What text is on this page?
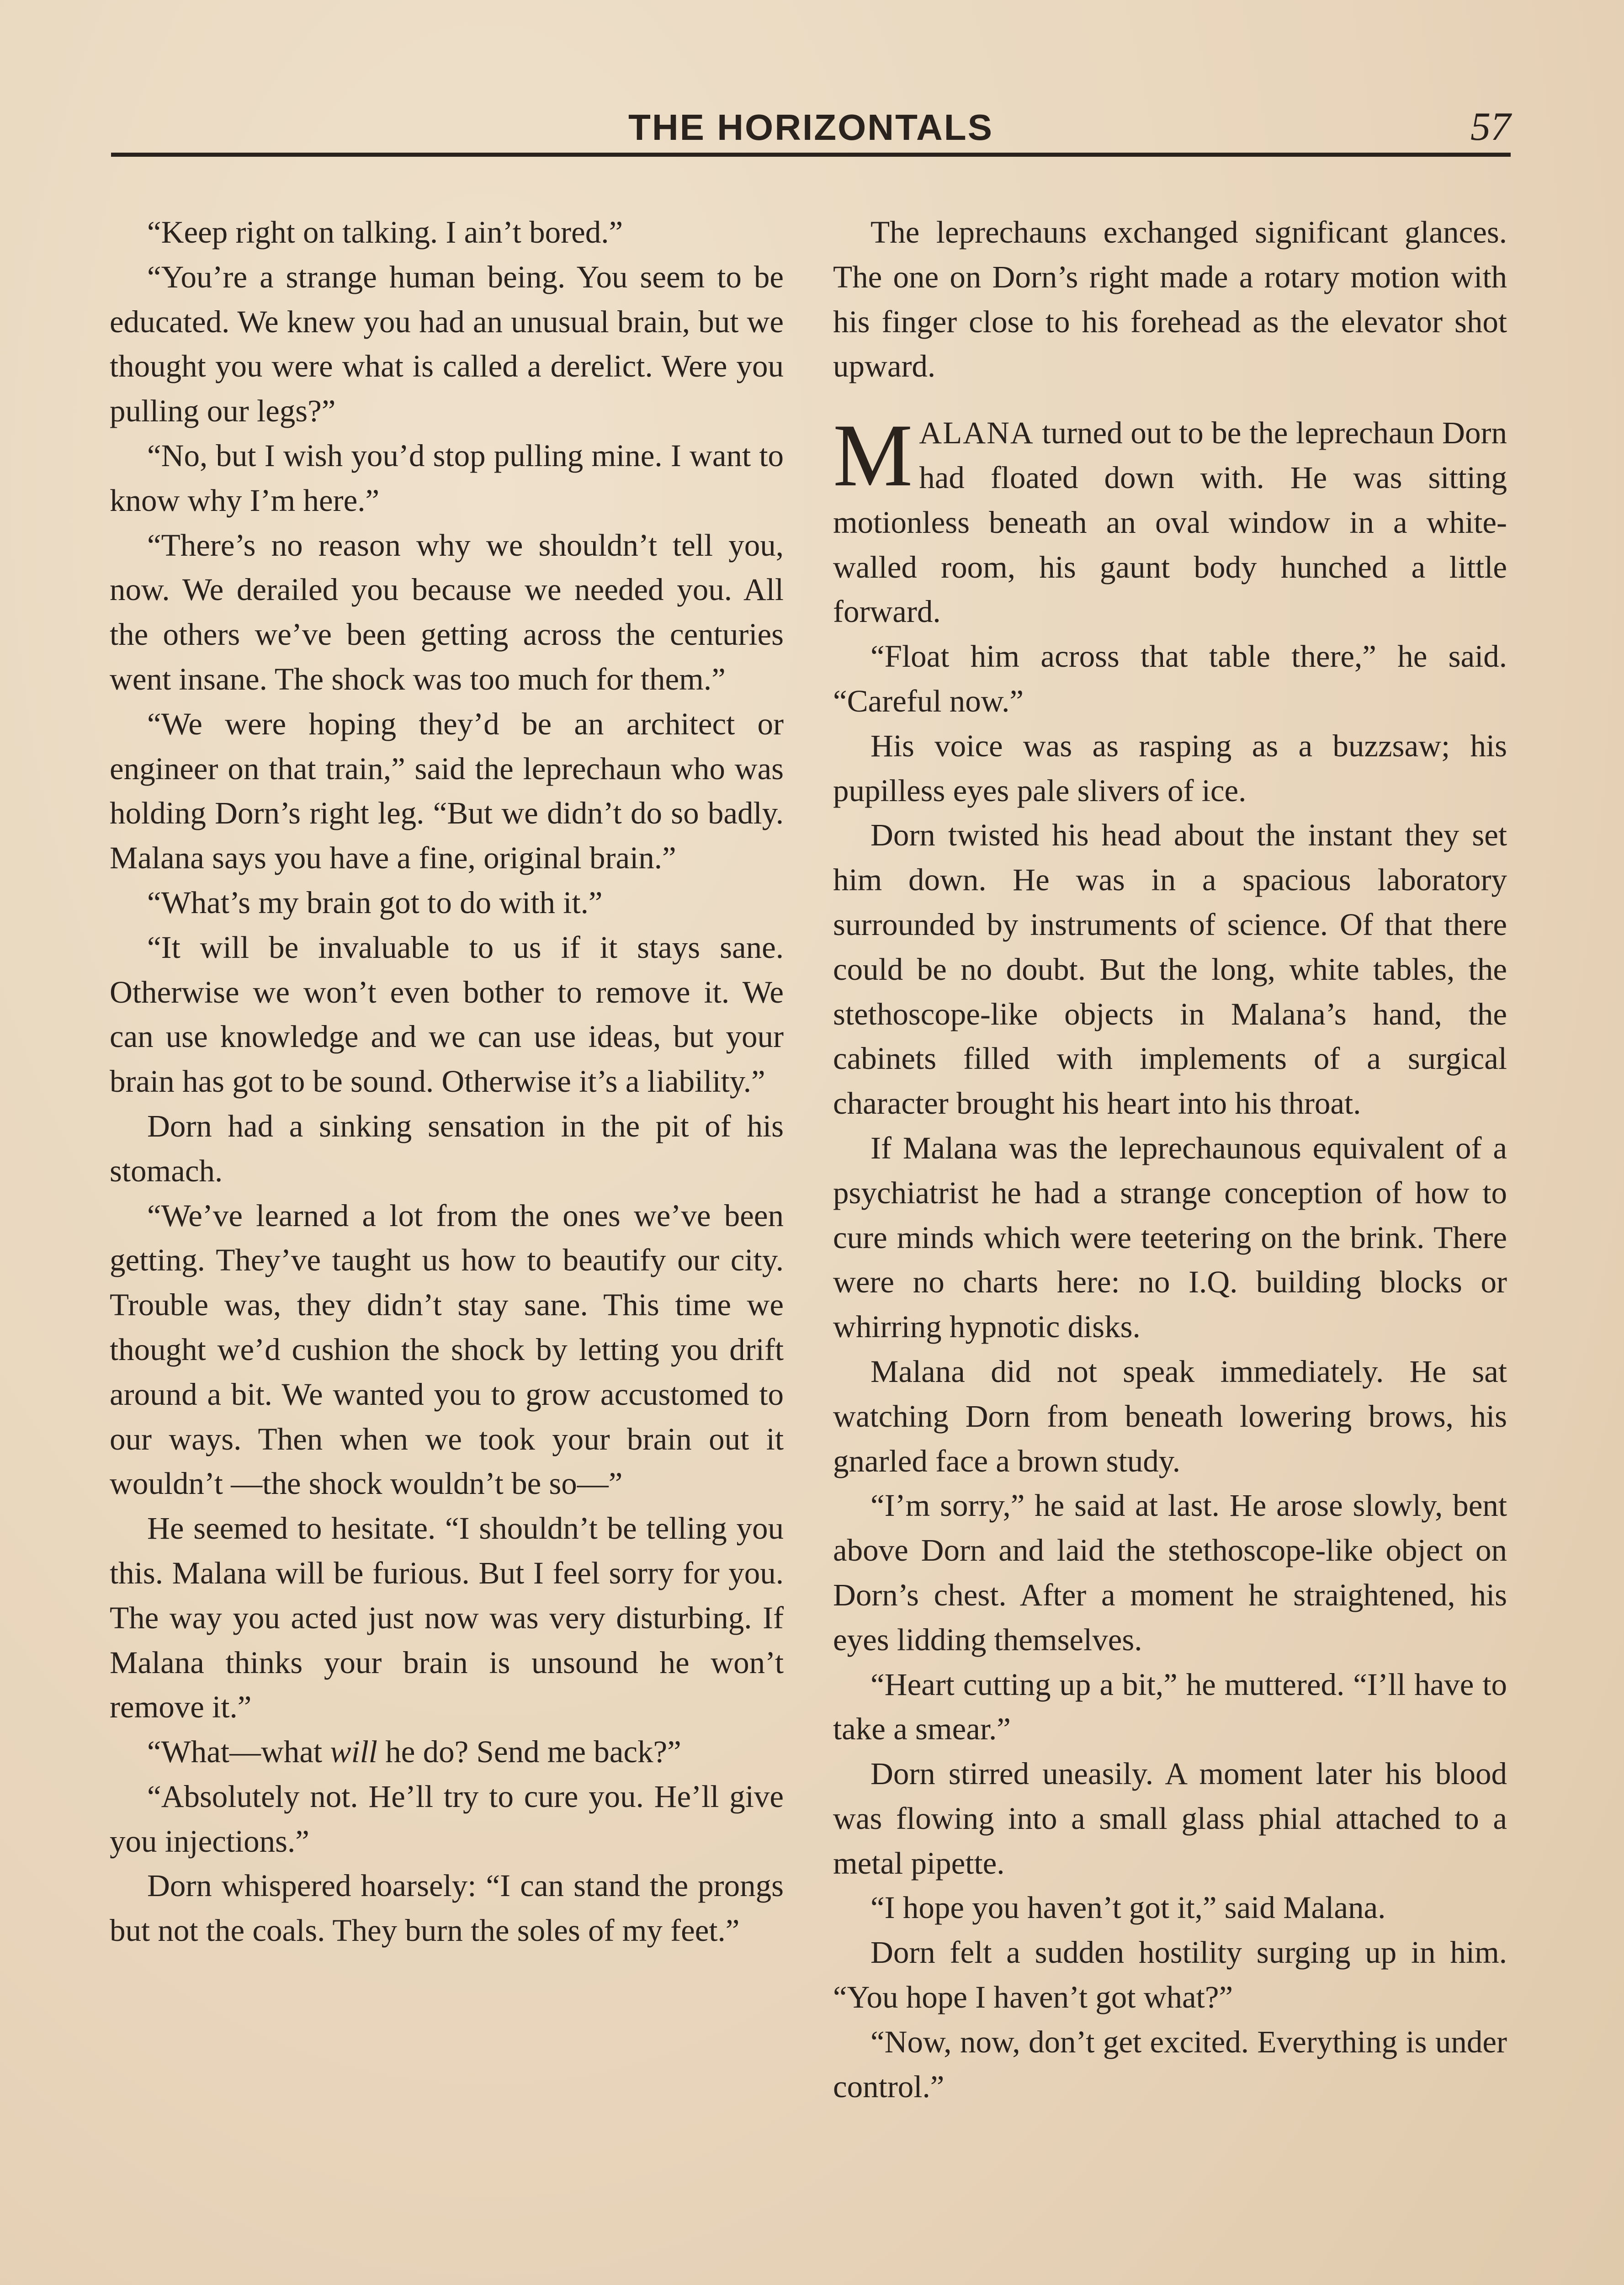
THE HORIZONTALS	57

“Keep right on talking. I ain’t bored.”

“You’re a strange human being. You seem to be educated. We knew you had an unusual brain, but we thought you were what is called a derelict. Were you pulling our legs?”

“No, but I wish you’d stop pulling mine. I want to know why I’m here.”

“There’s no reason why we shouldn’t tell you, now. We derailed you because we needed you. All the others we’ve been getting across the centuries went insane. The shock was too much for them.”

“We were hoping they’d be an architect or engineer on that train,” said the leprechaun who was holding Dorn’s right leg. “But we didn’t do so badly. Malana says you have a fine, original brain.”

“What’s my brain got to do with it.”

“It will be invaluable to us if it stays sane. Otherwise we won’t even bother to remove it. We can use knowledge and we can use ideas, but your brain has got to be sound. Otherwise it’s a liability.”

Dorn had a sinking sensation in the pit of his stomach.

“We’ve learned a lot from the ones we’ve been getting. They’ve taught us how to beautify our city. Trouble was, they didn’t stay sane. This time we thought we’d cushion the shock by letting you drift around a bit. We wanted you to grow accustomed to our ways. Then when we took your brain out it wouldn’t —the shock wouldn’t be so—”

He seemed to hesitate. “I shouldn’t be telling you this. Malana will be furious. But I feel sorry for you. The way you acted just now was very disturbing. If Malana thinks your brain is unsound he won’t remove it.”

“What—what will he do? Send me back?”

“Absolutely not. He’ll try to cure you. He’ll give you injections.”

Dorn whispered hoarsely: “I can stand the prongs but not the coals. They burn the soles of my feet.”

The leprechauns exchanged significant glances. The one on Dorn’s right made a rotary motion with his finger close to his forehead as the elevator shot upward.

MALANA turned out to be the leprechaun Dorn had floated down with. He was sitting motionless beneath an oval window in a white-walled room, his gaunt body hunched a little forward.

“Float him across that table there,” he said. “Careful now.”

His voice was as rasping as a buzzsaw; his pupilless eyes pale slivers of ice.

Dorn twisted his head about the instant they set him down. He was in a spacious laboratory surrounded by instruments of science. Of that there could be no doubt. But the long, white tables, the stethoscope-like objects in Malana’s hand, the cabinets filled with implements of a surgical character brought his heart into his throat.

If Malana was the leprechaunous equivalent of a psychiatrist he had a strange conception of how to cure minds which were teetering on the brink. There were no charts here: no I.Q. building blocks or whirring hypnotic disks.

Malana did not speak immediately. He sat watching Dorn from beneath lowering brows, his gnarled face a brown study.

“I’m sorry,” he said at last. He arose slowly, bent above Dorn and laid the stethoscope-like object on Dorn’s chest. After a moment he straightened, his eyes lidding themselves.

“Heart cutting up a bit,” he muttered. “I’ll have to take a smear.”

Dorn stirred uneasily. A moment later his blood was flowing into a small glass phial attached to a metal pipette.

“I hope you haven’t got it,” said Malana.

Dorn felt a sudden hostility surging up in him. “You hope I haven’t got what?”

“Now, now, don’t get excited. Everything is under control.”
